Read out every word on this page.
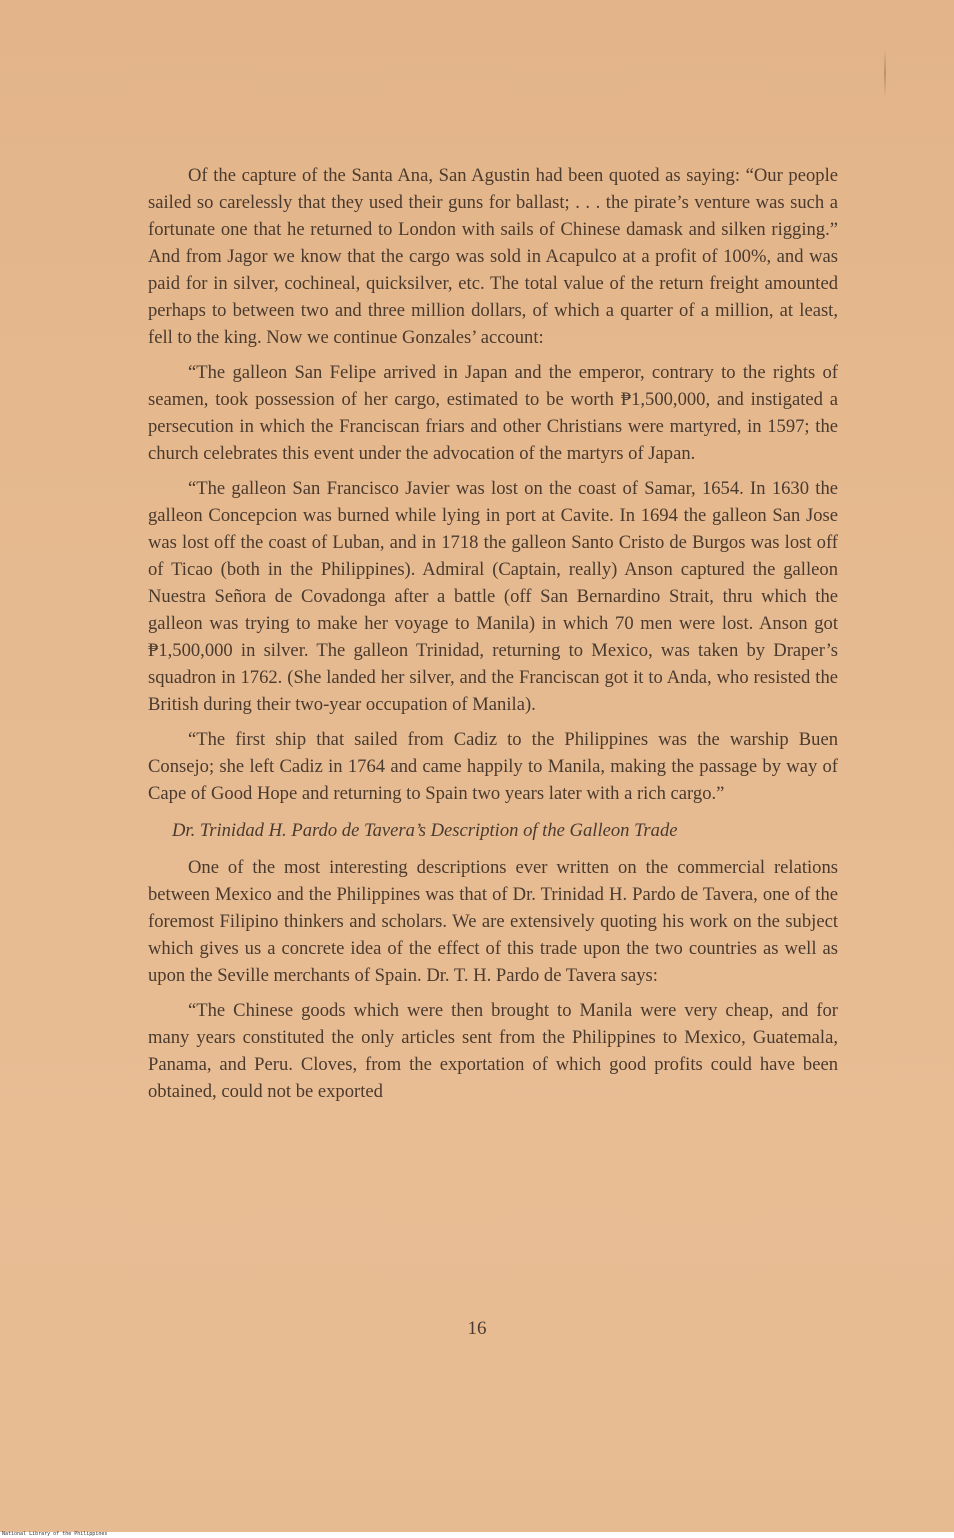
Of the capture of the Santa Ana, San Agustin had been quoted as saying: “Our people sailed so carelessly that they used their guns for ballast; . . . the pirate’s venture was such a fortunate one that he returned to London with sails of Chinese damask and silken rigging.” And from Jagor we know that the cargo was sold in Acapulco at a profit of 100%, and was paid for in silver, cochineal, quicksilver, etc. The total value of the return freight amounted perhaps to between two and three million dollars, of which a quarter of a million, at least, fell to the king. Now we continue Gonzales’ account:

“The galleon San Felipe arrived in Japan and the emperor, contrary to the rights of seamen, took possession of her cargo, estimated to be worth ₱1,500,000, and instigated a persecution in which the Franciscan friars and other Christians were martyred, in 1597; the church celebrates this event under the advocation of the martyrs of Japan.

“The galleon San Francisco Javier was lost on the coast of Samar, 1654. In 1630 the galleon Concepcion was burned while lying in port at Cavite. In 1694 the galleon San Jose was lost off the coast of Luban, and in 1718 the galleon Santo Cristo de Burgos was lost off of Ticao (both in the Philippines). Admiral (Captain, really) Anson captured the galleon Nuestra Señora de Covadonga after a battle (off San Bernardino Strait, thru which the galleon was trying to make her voyage to Manila) in which 70 men were lost. Anson got ₱1,500,000 in silver. The galleon Trinidad, returning to Mexico, was taken by Draper’s squadron in 1762. (She landed her silver, and the Franciscan got it to Anda, who resisted the British during their two-year occupation of Manila).

“The first ship that sailed from Cadiz to the Philippines was the warship Buen Consejo; she left Cadiz in 1764 and came happily to Manila, making the passage by way of Cape of Good Hope and returning to Spain two years later with a rich cargo.”

Dr. Trinidad H. Pardo de Tavera’s Description of the Galleon Trade

One of the most interesting descriptions ever written on the commercial relations between Mexico and the Philippines was that of Dr. Trinidad H. Pardo de Tavera, one of the foremost Filipino thinkers and scholars. We are extensively quoting his work on the subject which gives us a concrete idea of the effect of this trade upon the two countries as well as upon the Seville merchants of Spain. Dr. T. H. Pardo de Tavera says:

“The Chinese goods which were then brought to Manila were very cheap, and for many years constituted the only articles sent from the Philippines to Mexico, Guatemala, Panama, and Peru. Cloves, from the exportation of which good profits could have been obtained, could not be exported

16
National Library of the Philippines
